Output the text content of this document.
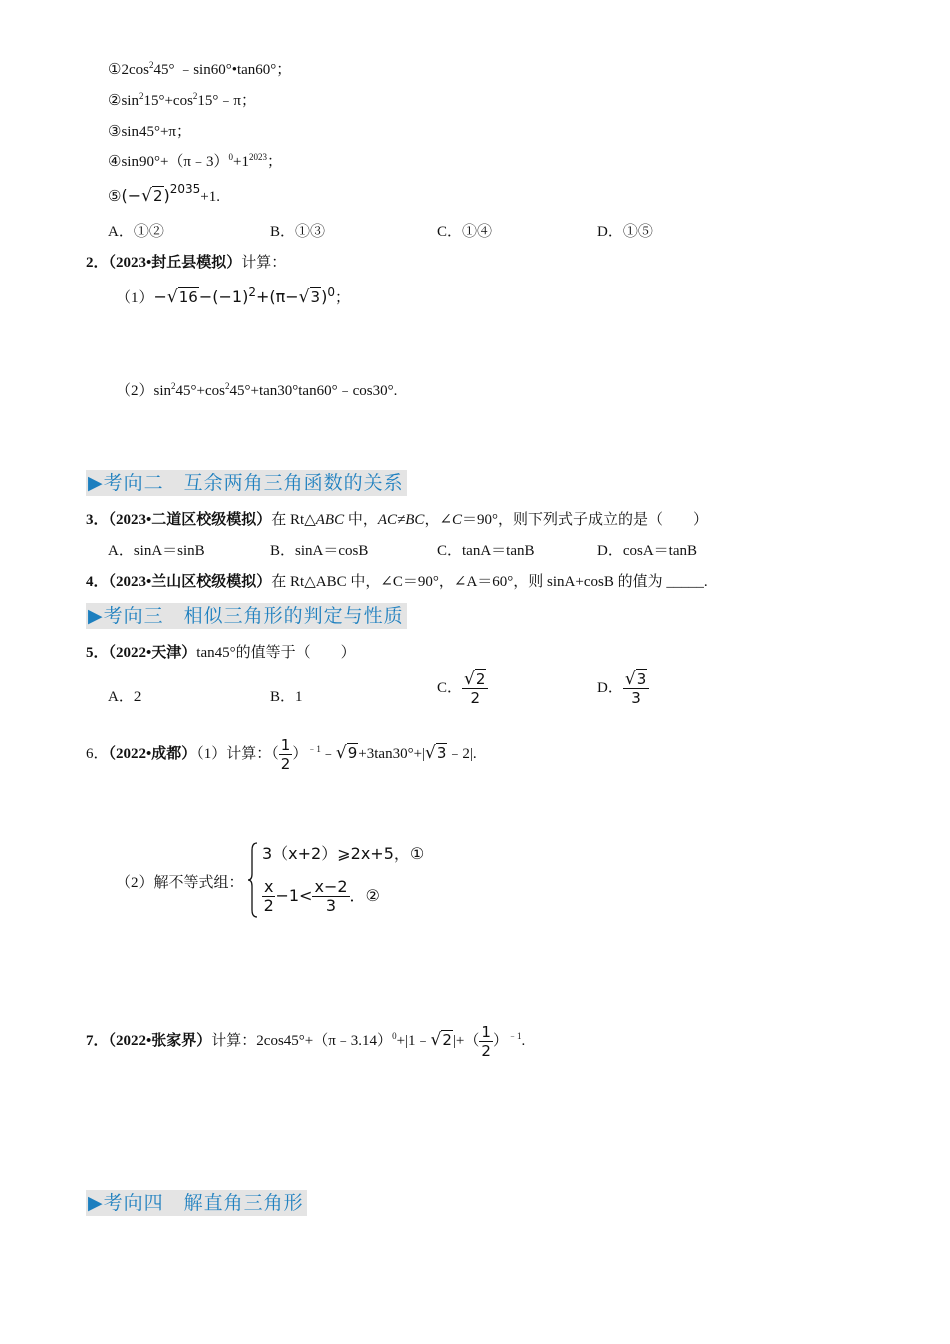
$①2\cos^245^\circ$ ﹣sin60°•tan60°；
$②\sin^215^\circ+\cos^215^\circ﹣\pi$；
③sin45°+π；
$④\sin 90^\circ+(\pi﹣3)^0+1^{2023}$；
$⑤(-√2)^{2035}+1$.
A．①②	B．①③	C．①④	D．①⑤
2．（2023•封丘县模拟）计算：
$(1)-√16-(-1)^2+(\pi-√3)^0$；
$(2)\sin^245^\circ+\cos^245^\circ+\tan 30^\circ\tan 60^\circ﹣\cos 30^\circ$.
▶考向二　互余两角三角函数的关系
3．（2023•二道区校级模拟）在 Rt△ABC 中，AC≠BC，∠C＝90°，则下列式子成立的是（　　）
A．sinA＝sinB	B．sinA＝cosB	C．tanA＝tanB	D．cosA＝tanB
4．（2023•兰山区校级模拟）在 Rt△ABC 中，∠C＝90°，∠A＝60°，则 sinA+cosB 的值为 _____.
▶考向三　相似三角形的判定与性质
5．（2022•天津）tan45°的值等于（　　）
A．2	B．1
C． $\frac{√2}{2}$	D． $\frac{√3}{3}$
6．（2022•成都）（1）计算：（ $\frac{1}{2}$ ）$^{﹣1}$﹣√9+3tan30°+|√3﹣2|.
（2）解不等式组：
3（x+2）⩾2x+5，①
$\frac{x}{2} -1< \frac{x-2}{3}$ ．②
7．（2022•张家界）计算：2cos45°+（π﹣3.14）$^0$+|1﹣√2|+（ $\frac{1}{2} )^{﹣1}$.
▶考向四　解直角三角形
